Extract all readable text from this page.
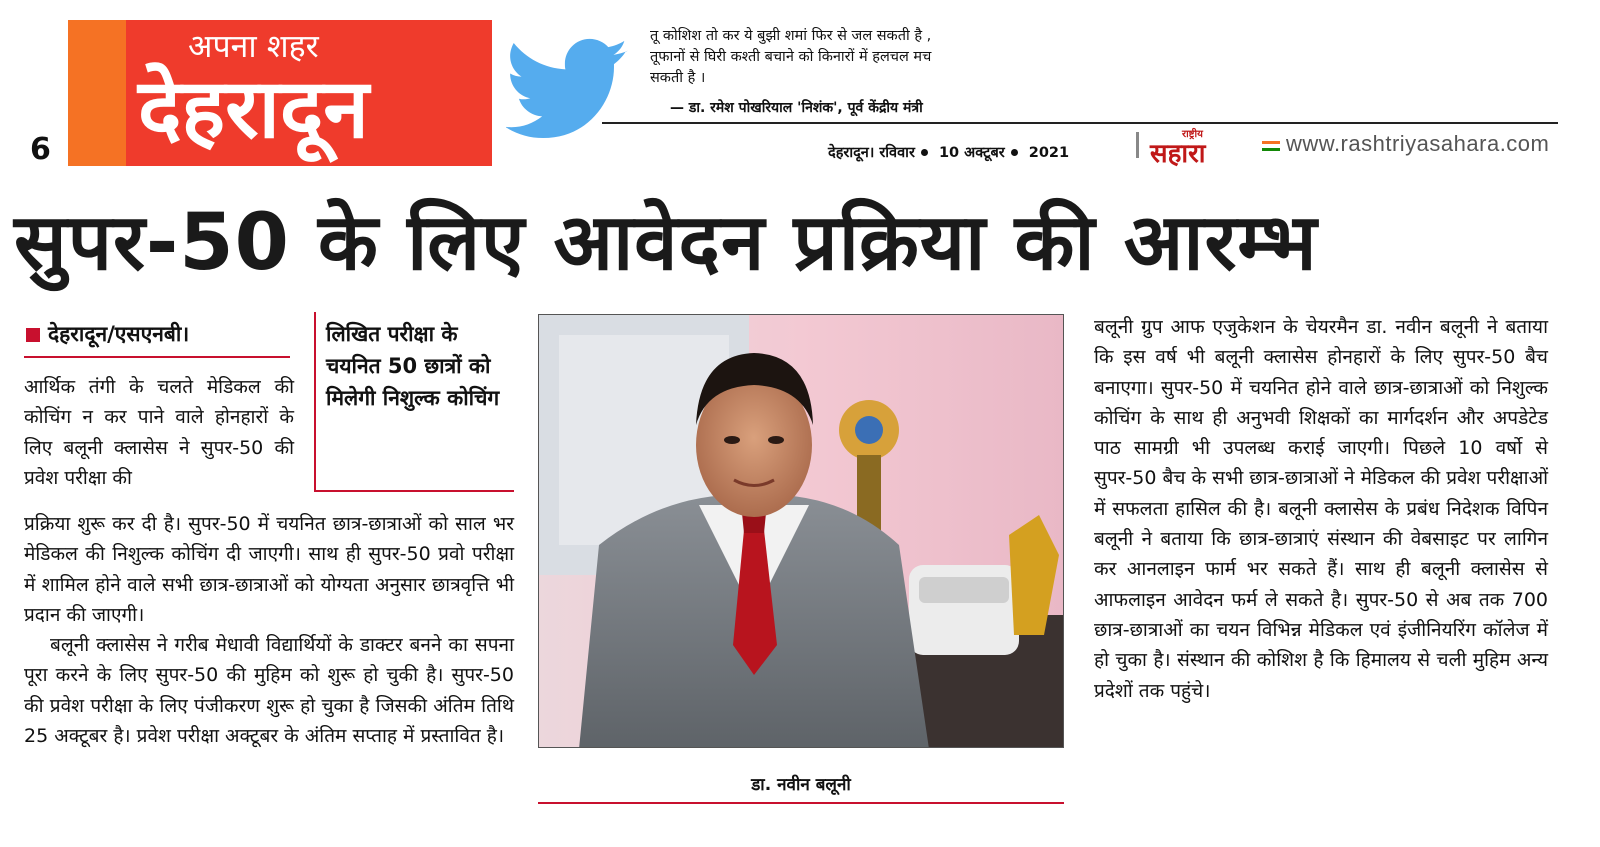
6
अपना शहर
देहरादून
तू कोशिश तो कर ये बुझी शमां फिर से जल सकती है , तूफानों से घिरी कश्ती बचाने को किनारों में हलचल मच सकती है ।
— डा. रमेश पोखरियाल 'निशंक', पूर्व केंद्रीय मंत्री
देहरादून। रविवार 10 अक्टूबर 2021
राष्ट्रीय
सहारा	www.rashtriyasahara.com
सुपर-50 के लिए आवेदन प्रक्रिया की आरम्भ
देहरादून/एसएनबी।

आर्थिक तंगी के चलते मेडिकल की कोचिंग न कर पाने वाले होनहारों के लिए बलूनी क्लासेस ने सुपर-50 की प्रवेश परीक्षा की

लिखित परीक्षा के चयनित 50 छात्रों को मिलेगी निशुल्क कोचिंग

प्रक्रिया शुरू कर दी है। सुपर-50 में चयनित छात्र-छात्राओं को साल भर मेडिकल की निशुल्क कोचिंग दी जाएगी। साथ ही सुपर-50 प्रवो परीक्षा में शामिल होने वाले सभी छात्र-छात्राओं को योग्यता अनुसार छात्रवृत्ति भी प्रदान की जाएगी।

बलूनी क्लासेस ने गरीब मेधावी विद्यार्थियों के डाक्टर बनने का सपना पूरा करने के लिए सुपर-50 की मुहिम को शुरू हो चुकी है। सुपर-50 की प्रवेश परीक्षा के लिए पंजीकरण शुरू हो चुका है जिसकी अंतिम तिथि 25 अक्टूबर है। प्रवेश परीक्षा अक्टूबर के अंतिम सप्ताह में प्रस्तावित है।

डा. नवीन बलूनी

बलूनी ग्रुप आफ एजुकेशन के चेयरमैन डा. नवीन बलूनी ने बताया कि इस वर्ष भी बलूनी क्लासेस होनहारों के लिए सुपर-50 बैच बनाएगा। सुपर-50 में चयनित होने वाले छात्र-छात्राओं को निशुल्क कोचिंग के साथ ही अनुभवी शिक्षकों का मार्गदर्शन और अपडेटेड पाठ सामग्री भी उपलब्ध कराई जाएगी। पिछले 10 वर्षो से सुपर-50 बैच के सभी छात्र-छात्राओं ने मेडिकल की प्रवेश परीक्षाओं में सफलता हासिल की है। बलूनी क्लासेस के प्रबंध निदेशक विपिन बलूनी ने बताया कि छात्र-छात्राएं संस्थान की वेबसाइट पर लागिन कर आनलाइन फार्म भर सकते हैं। साथ ही बलूनी क्लासेस से आफलाइन आवेदन फर्म ले सकते है। सुपर-50 से अब तक 700 छात्र-छात्राओं का चयन विभिन्न मेडिकल एवं इंजीनियरिंग कॉलेज में हो चुका है। संस्थान की कोशिश है कि हिमालय से चली मुहिम अन्य प्रदेशों तक पहुंचे।
